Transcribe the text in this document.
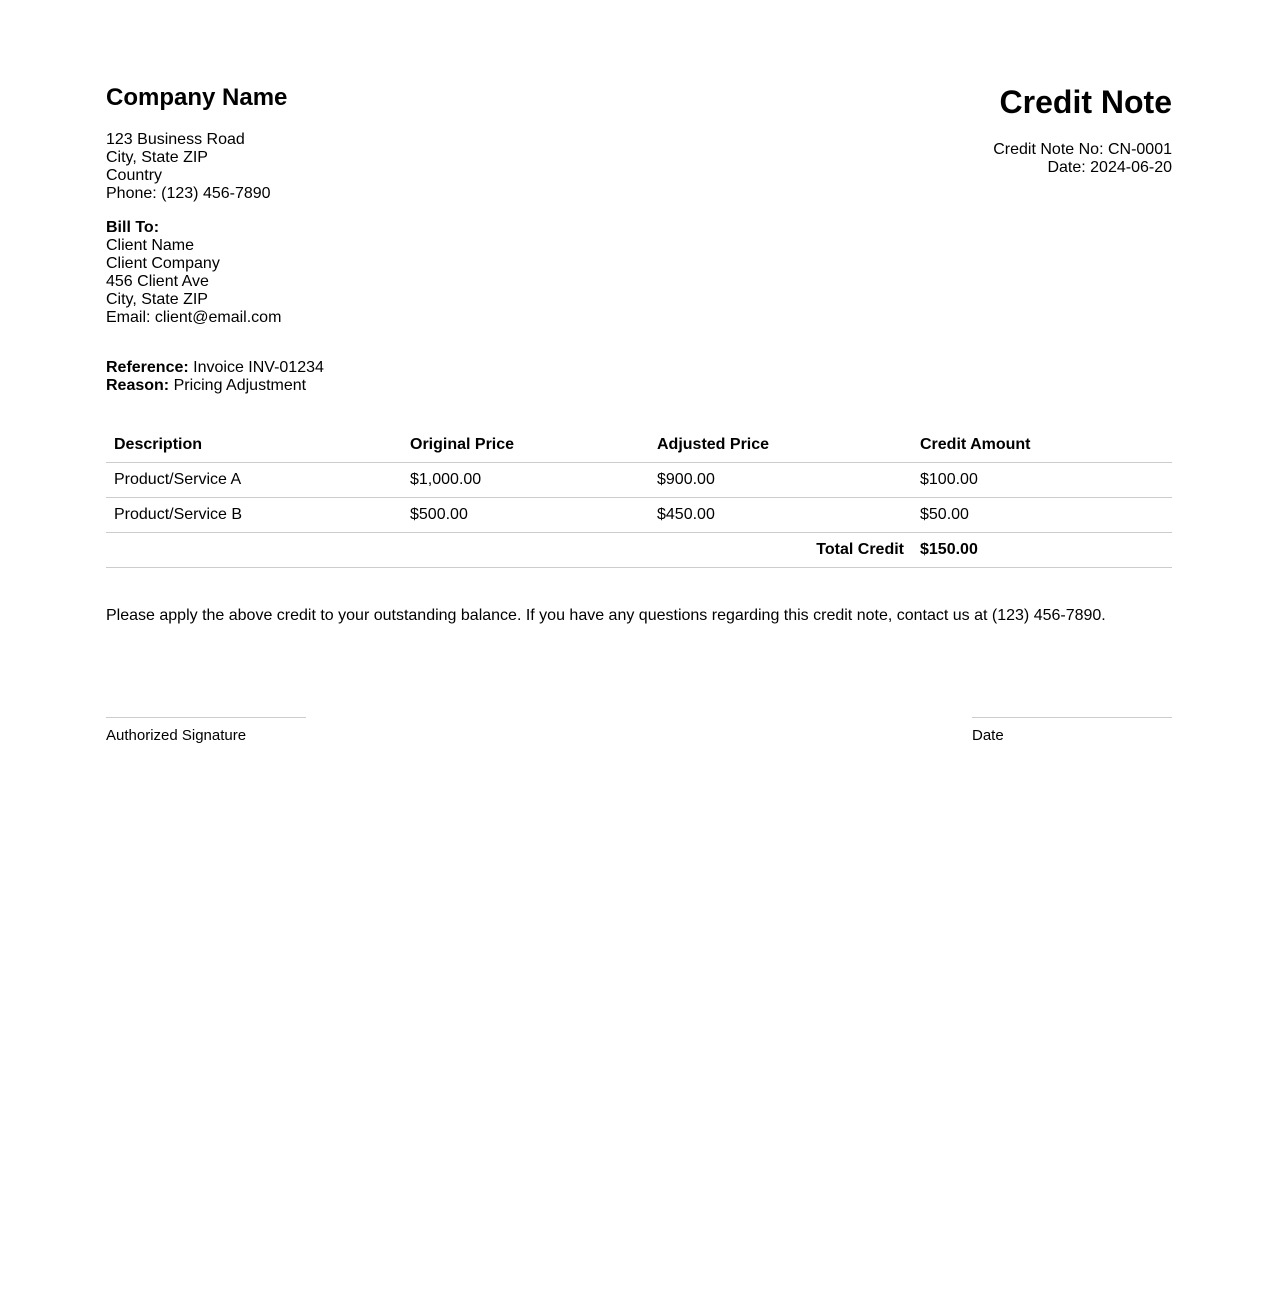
Company Name
123 Business Road
City, State ZIP
Country
Phone: (123) 456-7890
Credit Note
Credit Note No: CN-0001
Date: 2024-06-20
Bill To:
Client Name
Client Company
456 Client Ave
City, State ZIP
Email: client@email.com
Reference: Invoice INV-01234
Reason: Pricing Adjustment
Description	Original Price	Adjusted Price	Credit Amount
Product/Service A	$1,000.00	$900.00	$100.00
Product/Service B	$500.00	$450.00	$50.00
Total Credit			$150.00

Please apply the above credit to your outstanding balance. If you have any questions regarding this credit note, contact us at (123) 456-7890.

Authorized Signature	Date
